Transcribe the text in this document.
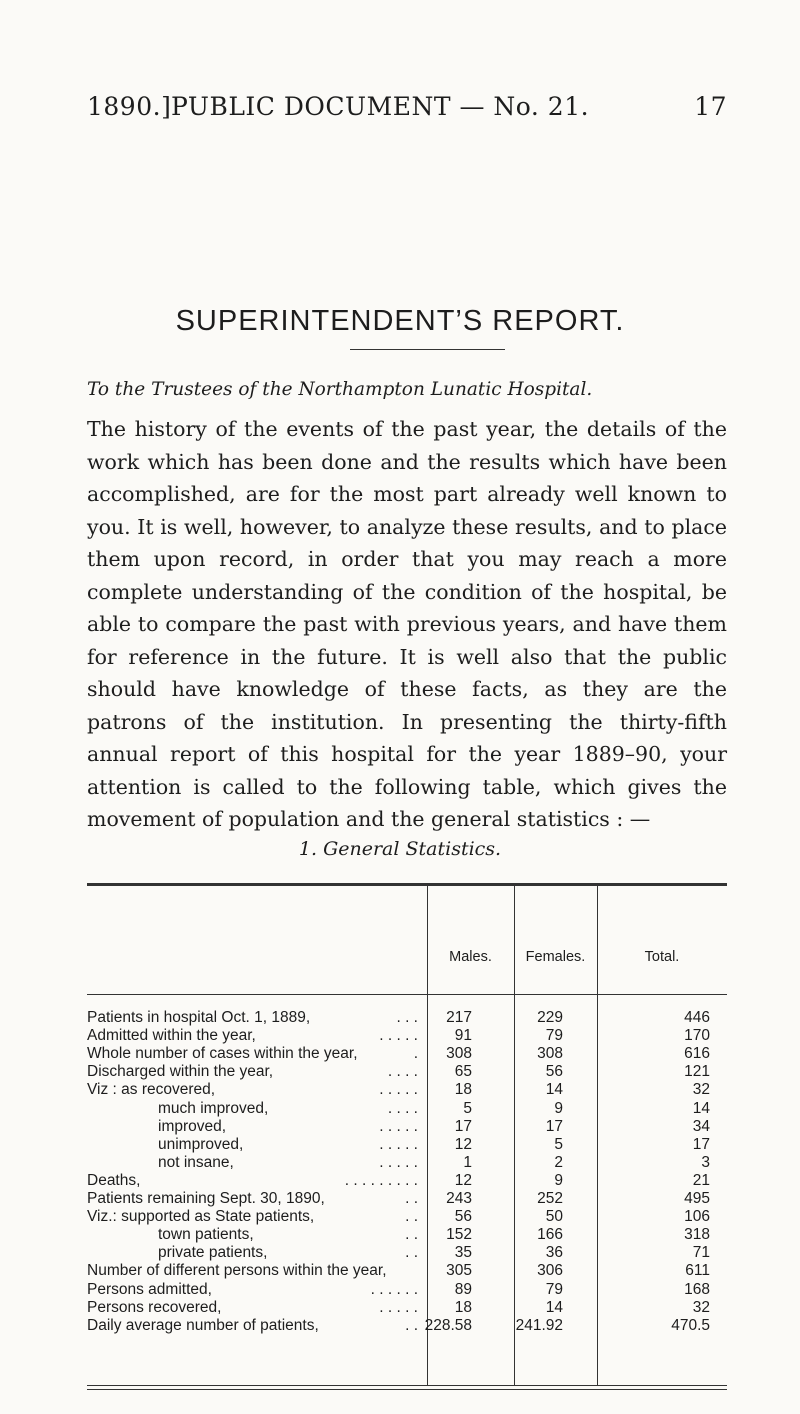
1890.] PUBLIC DOCUMENT — No. 21.	17
SUPERINTENDENT’S REPORT.
To the Trustees of the Northampton Lunatic Hospital.
The history of the events of the past year, the details of the work which has been done and the results which have been accomplished, are for the most part already well known to you. It is well, however, to analyze these results, and to place them upon record, in order that you may reach a more complete understanding of the condition of the hospital, be able to compare the past with previous years, and have them for reference in the future. It is well also that the public should have knowledge of these facts, as they are the patrons of the institution. In presenting the thirty-fifth annual report of this hospital for the year 1889–90, your attention is called to the following table, which gives the movement of population and the general statistics : —
1. General Statistics.
Males.	Females.	Total.
Patients in hospital Oct. 1, 1889,	. . . 217	229	446
Admitted within the year,	. . . . . 91	79	170
Whole number of cases within the year,	. 308	308	616
Discharged within the year,	. . . . 65	56	121
Viz : as recovered,	. . . . . 18	14	32
much improved,	. . . .	5	9	14
improved,	. . . . . 17	17	34
unimproved,	. . . . . 12	5	17
not insane,	. . . . .	1	2	3
Deaths,	. . . . . . . . . 12	9	21
Patients remaining Sept. 30, 1890,	. . 243	252	495
Viz.: supported as State patients,	. . 56	50	106
town patients,	. . 152	166	318
private patients,	. . 35	36	71
Number of different persons within the year,	305	306	611
Persons admitted,	. . . . . . 89	79	168
Persons recovered,	. . . . . 18	14	32
Daily average number of patients,	. . 228.58	241.92	470.5
